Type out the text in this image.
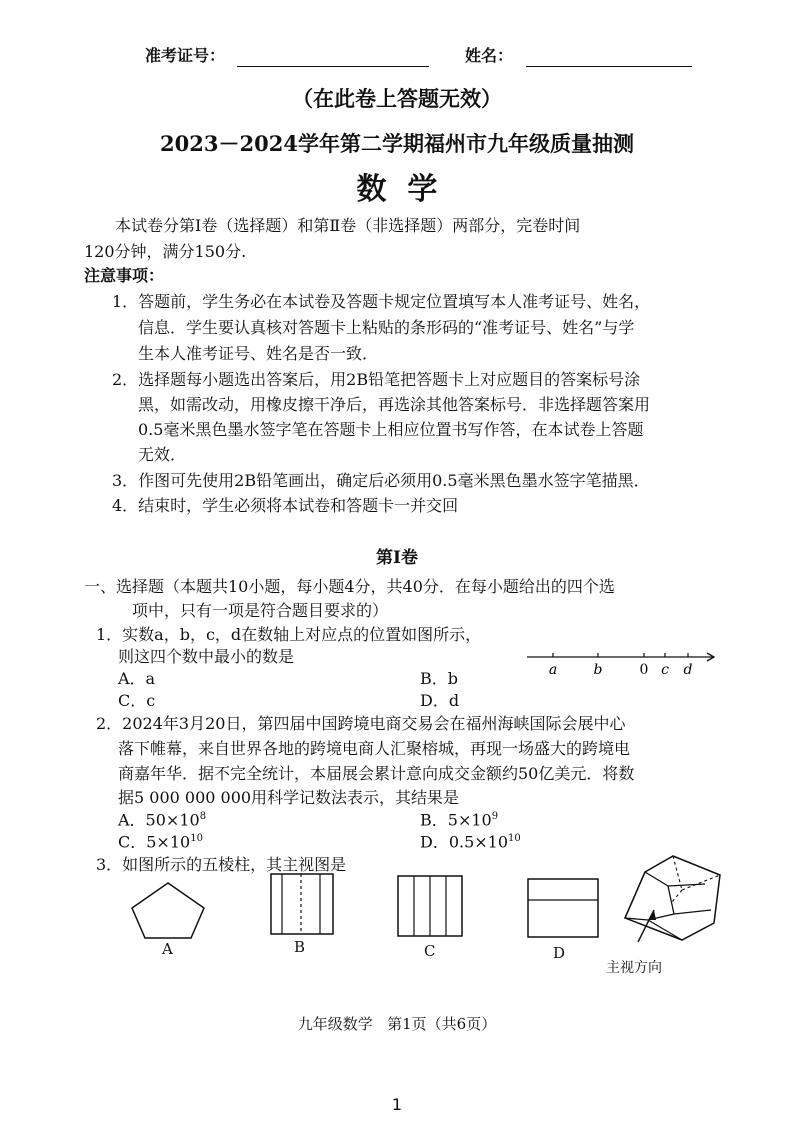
准考证号：	姓名：
（在此卷上答题无效）
2023－2024学年第二学期福州市九年级质量抽测
数  学
本试卷分第Ⅰ卷（选择题）和第Ⅱ卷（非选择题）两部分，完卷时间
120分钟，满分150分.
注意事项：
1．答题前，学生务必在本试卷及答题卡规定位置填写本人准考证号、姓名，
信息．学生要认真核对答题卡上粘贴的条形码的“准考证号、姓名”与学
生本人准考证号、姓名是否一致．
2．选择题每小题选出答案后，用2B铅笔把答题卡上对应题目的答案标号涂
黑，如需改动，用橡皮擦干净后，再选涂其他答案标号．非选择题答案用
0.5毫米黑色墨水签字笔在答题卡上相应位置书写作答，在本试卷上答题
无效．
3．作图可先使用2B铅笔画出，确定后必须用0.5毫米黑色墨水签字笔描黑．
4．结束时，学生必须将本试卷和答题卡一并交回
第Ⅰ卷
一、选择题（本题共10小题，每小题4分，共40分．在每小题给出的四个选
项中，只有一项是符合题目要求的）
1．实数a，b，c，d在数轴上对应点的位置如图所示，
则这四个数中最小的数是
A．a	B．b
C．c	D．d
a	b	0 c d
2．2024年3月20日，第四届中国跨境电商交易会在福州海峡国际会展中心
落下帷幕，来自世界各地的跨境电商人汇聚榕城，再现一场盛大的跨境电
商嘉年华．据不完全统计，本届展会累计意向成交金额约50亿美元．将数
据5 000 000 000用科学记数法表示，其结果是
A．$50\times 10^8$	B．$5\times 10^9$
C．$5\times 10^{10}$	D．$0.5\times 10^{10}$
3．如图所示的五棱柱，其主视图是
A	B	C	D
主视方向
九年级数学   第1页（共6页）
1
